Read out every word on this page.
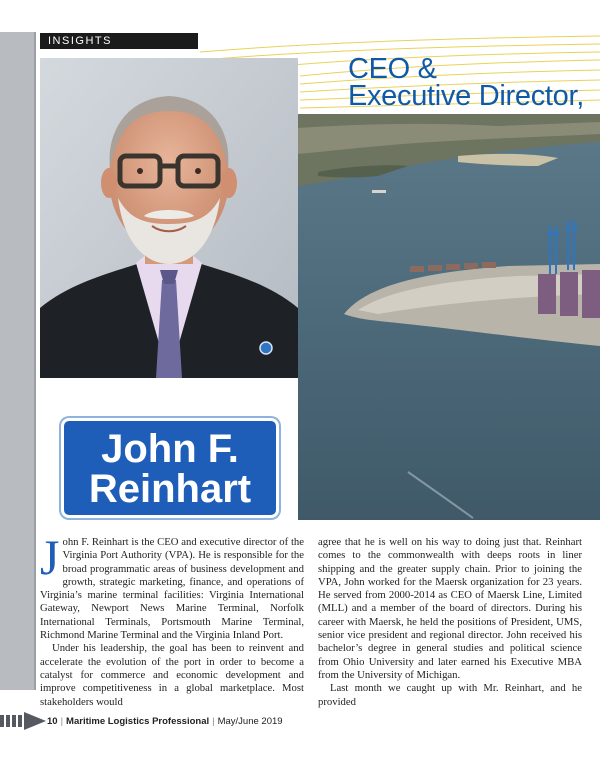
INSIGHTS
CEO &
Executive Director,
John F.
Reinhart

John F. Reinhart is the CEO and executive director of the Virginia Port Authority (VPA). He is responsible for the broad programmatic areas of business development and growth, strategic marketing, finance, and operations of Virginia’s marine terminal facilities: Virginia International Gateway, Newport News Marine Terminal, Norfolk International Terminals, Portsmouth Marine Terminal, Richmond Marine Terminal and the Virginia Inland Port.

Under his leadership, the goal has been to reinvent and accelerate the evolution of the port in order to become a catalyst for commerce and economic development and improve competitiveness in a global marketplace. Most stakeholders would

agree that he is well on his way to doing just that. Reinhart comes to the commonwealth with deeps roots in liner shipping and the greater supply chain. Prior to joining the VPA, John worked for the Maersk organization for 23 years. He served from 2000-2014 as CEO of Maersk Line, Limited (MLL) and a member of the board of directors. During his career with Maersk, he held the positions of President, UMS, senior vice president and regional director. John received his bachelor’s degree in general studies and political science from Ohio University and later earned his Executive MBA from the University of Michigan.

Last month we caught up with Mr. Reinhart, and he provided

10 | Maritime Logistics Professional | May/June 2019
